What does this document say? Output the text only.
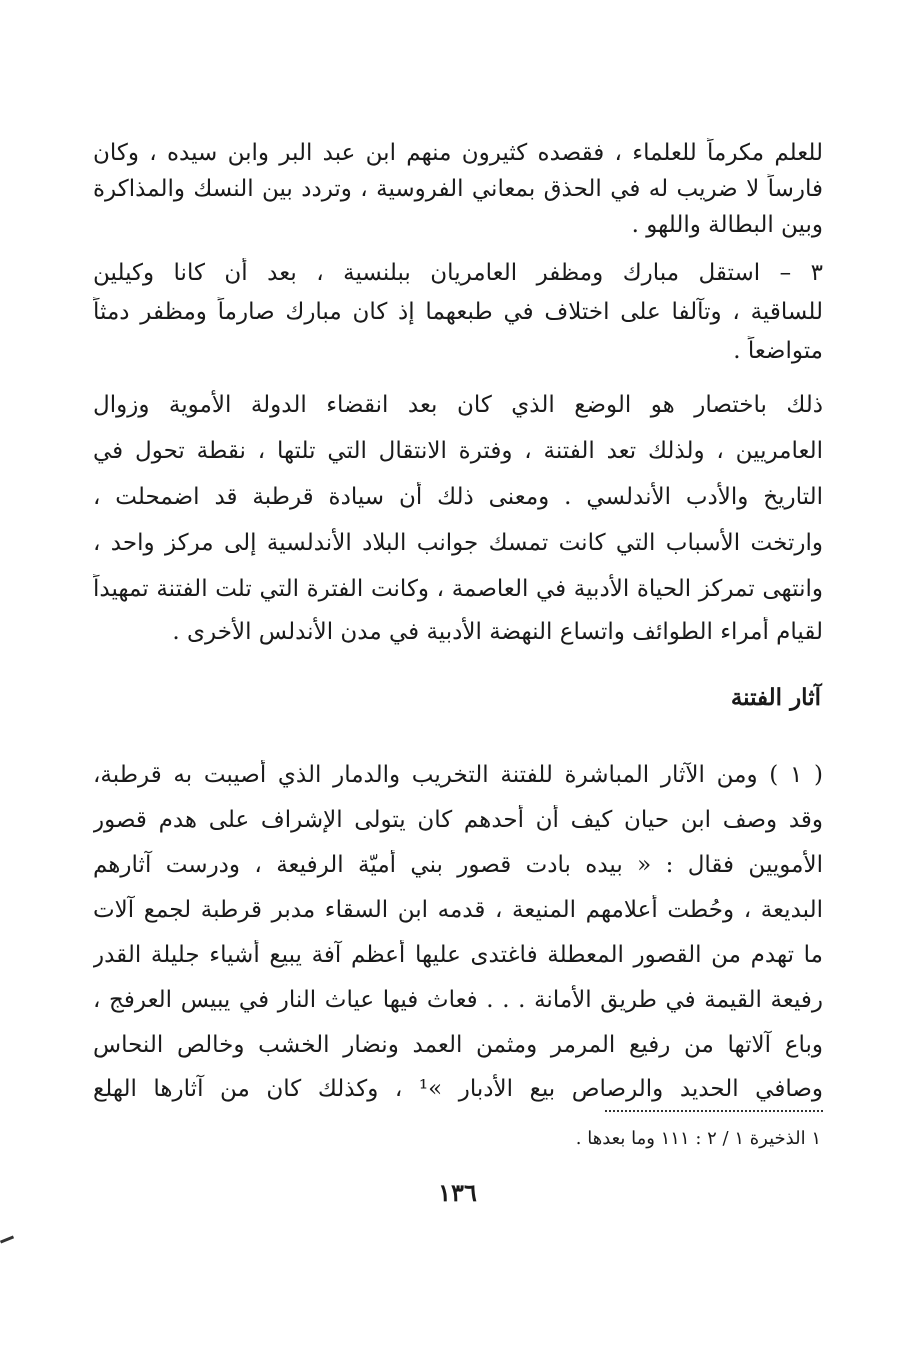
للعلم مكرماً للعلماء ، فقصده كثيرون منهم ابن عبد البر وابن سيده ، وكان
فارساً لا ضريب له في الحذق بمعاني الفروسية ، وتردد بين النسك والمذاكرة
وبين البطالة واللهو .
٣ – استقل مبارك ومظفر العامريان ببلنسية ، بعد أن كانا وكيلين
للساقية ، وتآلفا على اختلاف في طبعهما إذ كان مبارك صارماً ومظفر دمثاً
متواضعاً .
ذلك باختصار هو الوضع الذي كان بعد انقضاء الدولة الأموية وزوال
العامريين ، ولذلك تعد الفتنة ، وفترة الانتقال التي تلتها ، نقطة تحول في
التاريخ والأدب الأندلسي . ومعنى ذلك أن سيادة قرطبة قد اضمحلت ،
وارتخت الأسباب التي كانت تمسك جوانب البلاد الأندلسية إلى مركز واحد ،
وانتهى تمركز الحياة الأدبية في العاصمة ، وكانت الفترة التي تلت الفتنة تمهيداً
لقيام أمراء الطوائف واتساع النهضة الأدبية في مدن الأندلس الأخرى .
آثار الفتنة
( ١ ) ومن الآثار المباشرة للفتنة التخريب والدمار الذي أصيبت به قرطبة،
وقد وصف ابن حيان كيف أن أحدهم كان يتولى الإشراف على هدم قصور
الأمويين فقال : « بيده بادت قصور بني أميّة الرفيعة ، ودرست آثارهم
البديعة ، وحُطت أعلامهم المنيعة ، قدمه ابن السقاء مدبر قرطبة لجمع آلات
ما تهدم من القصور المعطلة فاغتدى عليها أعظم آفة يبيع أشياء جليلة القدر
رفيعة القيمة في طريق الأمانة . . . فعاث فيها عياث النار في يبيس العرفج ،
وباع آلاتها من رفيع المرمر ومثمن العمد ونضار الخشب وخالص النحاس
وصافي الحديد والرصاص بيع الأدبار »¹ ، وكذلك كان من آثارها الهلع
١ الذخيرة ١ / ٢ : ١١١ وما بعدها .
١٣٦
